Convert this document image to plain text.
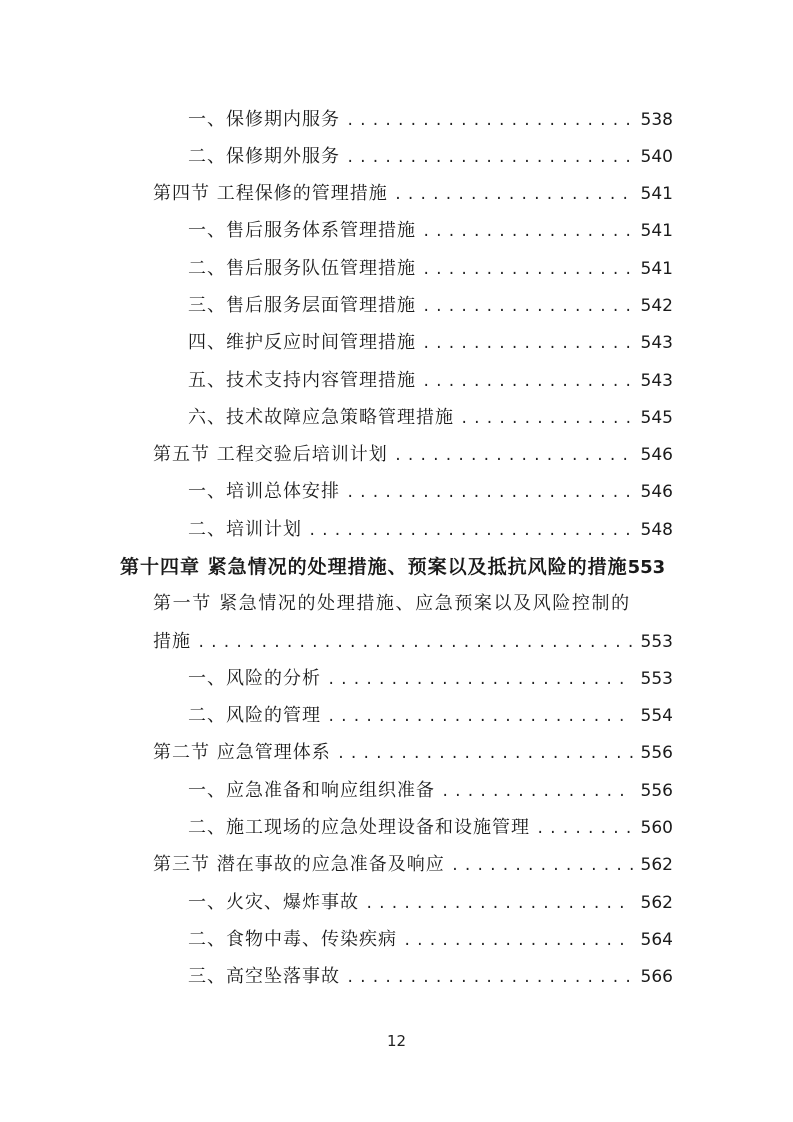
一、保修期内服务 .....	538
二、保修期外服务 .....	540
第四节 工程保修的管理措施 .....	541
一、售后服务体系管理措施 .....	541
二、售后服务队伍管理措施 .....	541
三、售后服务层面管理措施 .....	542
四、维护反应时间管理措施 .....	543
五、技术支持内容管理措施 .....	543
六、技术故障应急策略管理措施 .....	545
第五节 工程交验后培训计划 .....	546
一、培训总体安排 .....	546
二、培训计划 .....	548
第十四章 紧急情况的处理措施、预案以及抵抗风险的措施 553
第一节 紧急情况的处理措施、应急预案以及风险控制的
措施 .....	553
一、风险的分析 .....	553
二、风险的管理 .....	554
第二节 应急管理体系 .....	556
一、应急准备和响应组织准备 .....	556
二、施工现场的应急处理设备和设施管理 .....	560
第三节 潜在事故的应急准备及响应 .....	562
一、火灾、爆炸事故 .....	562
二、食物中毒、传染疾病 .....	564
三、高空坠落事故 .....	566
12
